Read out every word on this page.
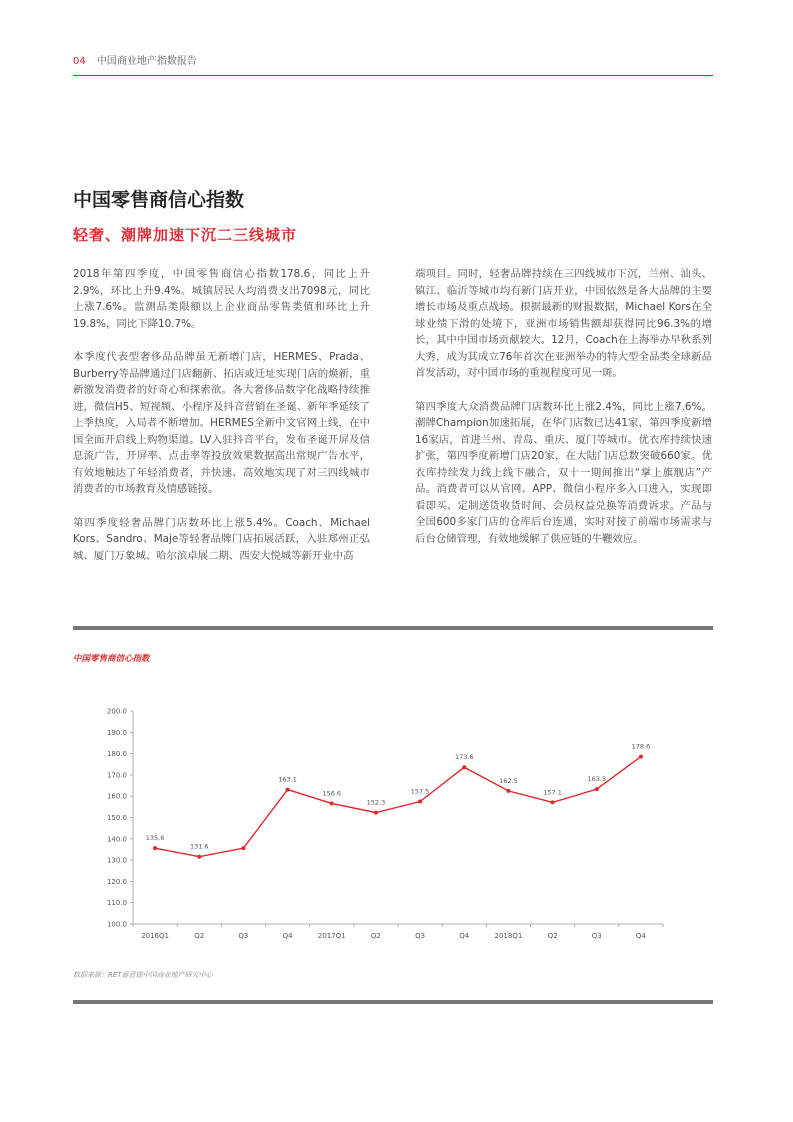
04 中国商业地产指数报告
中国零售商信心指数
轻奢、潮牌加速下沉二三线城市

2018年第四季度，中国零售商信心指数178.6，同比上升2.9%，环比上升9.4%。城镇居民人均消费支出7098元，同比上涨7.6%。监测品类限额以上企业商品零售类值和环比上升19.8%，同比下降10.7%。

本季度代表型奢侈品品牌虽无新增门店，HERMES、Prada、Burberry等品牌通过门店翻新、拓店或迁址实现门店的焕新，重新激发消费者的好奇心和探索欲。各大奢侈品数字化战略持续推进，微信H5、短视频、小程序及抖音营销在圣诞、新年季延续了上季热度，入局者不断增加。HERMES全新中文官网上线，在中国全面开启线上购物渠道。LV入驻抖音平台，发布圣诞开屏及信息流广告，开屏率、点击率等投放效果数据高出常规广告水平，有效地触达了年轻消费者，并快速、高效地实现了对三四线城市消费者的市场教育及情感链接。

第四季度轻奢品牌门店数环比上涨5.4%。Coach、Michael Kors、Sandro、Maje等轻奢品牌门店拓展活跃，入驻郑州正弘城、厦门万象城、哈尔滨卓展二期、西安大悦城等新开业中高

端项目。同时，轻奢品牌持续在三四线城市下沉，兰州、汕头、镇江、临沂等城市均有新门店开业，中国依然是各大品牌的主要增长市场及重点战场。根据最新的财报数据，Michael Kors在全球业绩下滑的处境下，亚洲市场销售额却获得同比96.3%的增长，其中中国市场贡献较大。12月，Coach在上海举办早秋系列大秀，成为其成立76年首次在亚洲举办的特大型全品类全球新品首发活动，对中国市场的重视程度可见一斑。

第四季度大众消费品牌门店数环比上涨2.4%，同比上涨7.6%。潮牌Champion加速拓展，在华门店数已达41家，第四季度新增16家店，首进兰州、青岛、重庆、厦门等城市。优衣库持续快速扩张，第四季度新增门店20家，在大陆门店总数突破660家。优衣库持续发力线上线下融合，双十一期间推出“掌上旗舰店”产品。消费者可以从官网、APP、微信小程序多入口进入，实现即看即买、定制送货收货时间、会员权益兑换等消费诉求。产品与全国600多家门店的仓库后台连通，实时对接了前端市场需求与后台仓储管理，有效地缓解了供应链的牛鞭效应。

中国零售商信心指数
100.0
110.0
120.0
130.0
140.0
150.0
160.0
170.0
180.0
190.0
200.0
2016Q1	Q2	Q3	Q4	2017Q1	Q2	Q3	Q4	2018Q1	Q2	Q3	Q4
135.6
131.6
163.1
156.6
152.3
157.5
173.6
162.5
157.1
163.3
178.6
数据来源：RET睿意德中国商业地产研究中心
